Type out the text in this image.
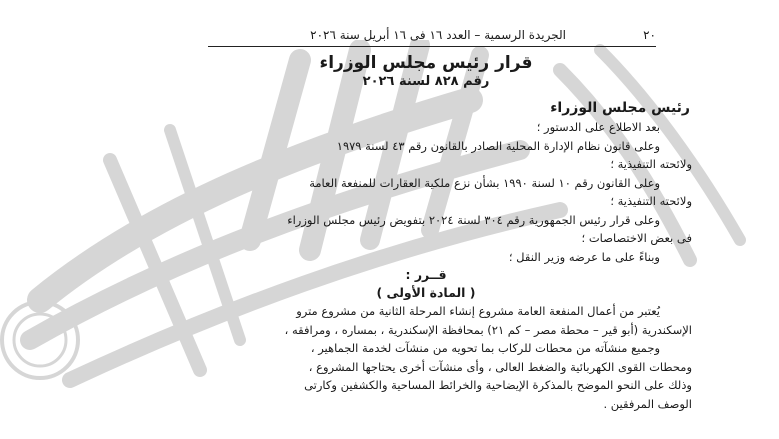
٢٠
الجريدة الرسمية – العدد ١٦ فى ١٦ أبريل سنة ٢٠٢٦
قرار رئيس مجلس الوزراء
رقم ٨٢٨ لسنة ٢٠٢٦
رئيس مجلس الوزراء
بعد الاطلاع على الدستور ؛
وعلى قانون نظام الإدارة المحلية الصادر بالقانون رقم ٤٣ لسنة ١٩٧٩
ولائحته التنفيذية ؛
وعلى القانون رقم ١٠ لسنة ١٩٩٠ بشأن نزع ملكية العقارات للمنفعة العامة
ولائحته التنفيذية ؛
وعلى قرار رئيس الجمهورية رقم ٣٠٤ لسنة ٢٠٢٤ بتفويض رئيس مجلس الوزراء
فى بعض الاختصاصات ؛
وبناءً على ما عرضه وزير النقل ؛
قــرر :
( المادة الأولى )
يُعتبر من أعمال المنفعة العامة مشروع إنشاء المرحلة الثانية من مشروع مترو
الإسكندرية (أبو قير – محطة مصر – كم ٢١) بمحافظة الإسكندرية ، بمساره ، ومرافقه ،
وجميع منشآته من محطات للركاب بما تحويه من منشآت لخدمة الجماهير ،
ومحطات القوى الكهربائية والضغط العالى ، وأى منشآت أخرى يحتاجها المشروع ،
وذلك على النحو الموضح بالمذكرة الإيضاحية والخرائط المساحية والكشفين وكارتى
الوصف المرفقين .
